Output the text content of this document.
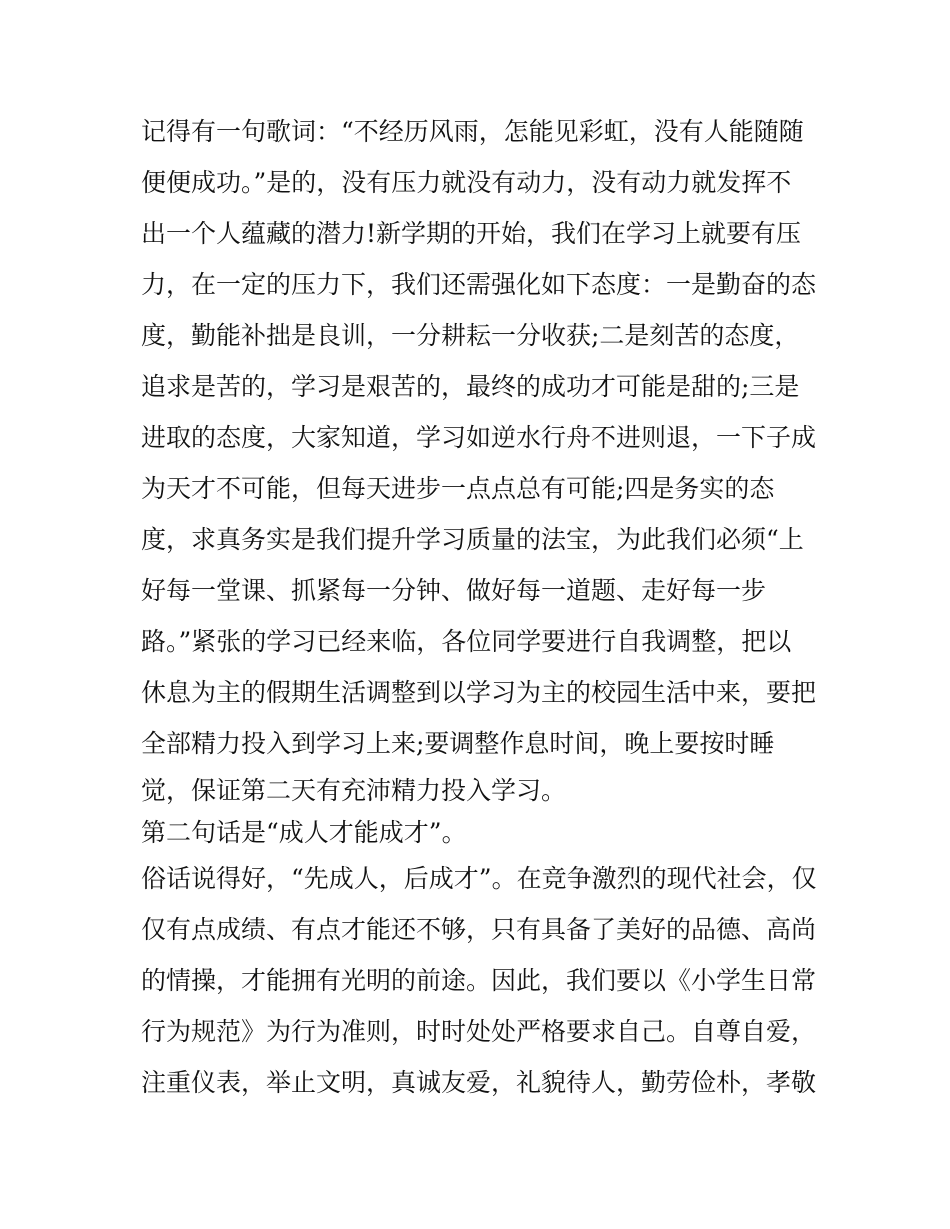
记得有一句歌词：“不经历风雨，怎能见彩虹，没有人能随随

便便成功。”是的，没有压力就没有动力，没有动力就发挥不

出一个人蕴藏的潜力!新学期的开始，我们在学习上就要有压

力，在一定的压力下，我们还需强化如下态度：一是勤奋的态

度，勤能补拙是良训，一分耕耘一分收获;二是刻苦的态度，

追求是苦的，学习是艰苦的，最终的成功才可能是甜的;三是

进取的态度，大家知道，学习如逆水行舟不进则退，一下子成

为天才不可能，但每天进步一点点总有可能;四是务实的态

度，求真务实是我们提升学习质量的法宝，为此我们必须“上

好每一堂课、抓紧每一分钟、做好每一道题、走好每一步

路。”紧张的学习已经来临，各位同学要进行自我调整，把以

休息为主的假期生活调整到以学习为主的校园生活中来，要把

全部精力投入到学习上来;要调整作息时间，晚上要按时睡

觉，保证第二天有充沛精力投入学习。

第二句话是“成人才能成才”。

俗话说得好，“先成人，后成才”。在竞争激烈的现代社会，仅

仅有点成绩、有点才能还不够，只有具备了美好的品德、高尚

的情操，才能拥有光明的前途。因此，我们要以《小学生日常

行为规范》为行为准则，时时处处严格要求自己。自尊自爱，

注重仪表，举止文明，真诚友爱，礼貌待人，勤劳俭朴，孝敬
